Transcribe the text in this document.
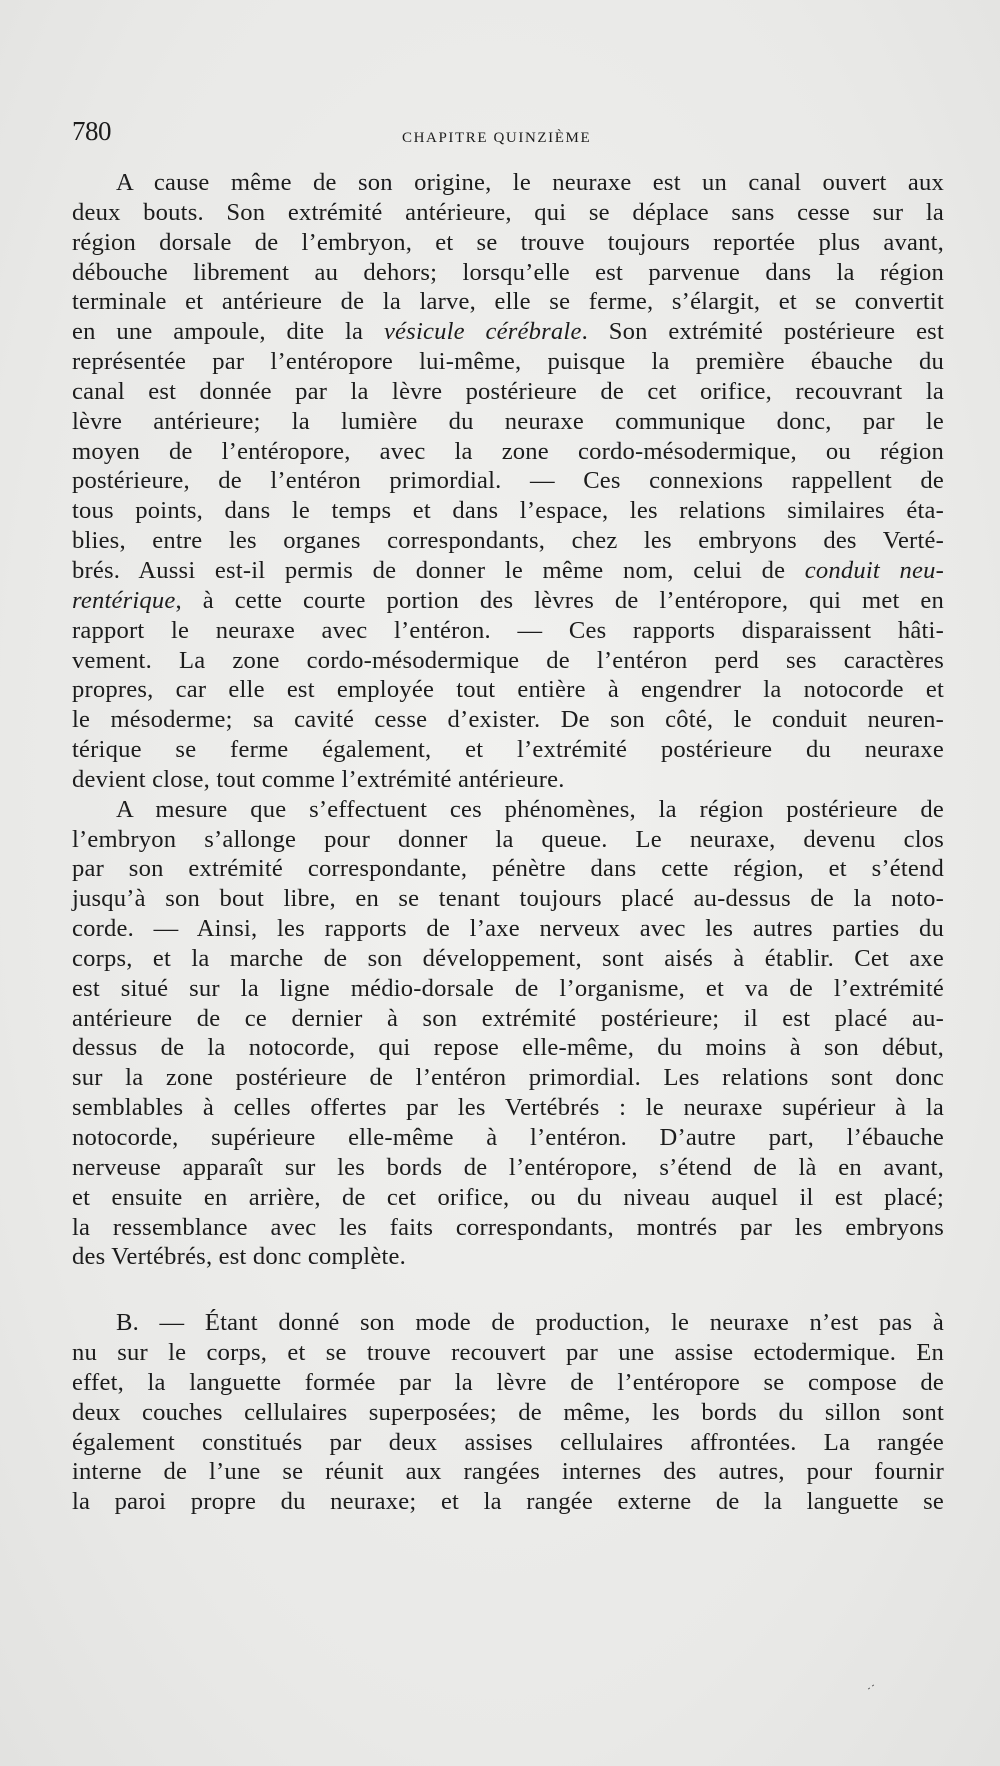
780	CHAPITRE QUINZIÈME
A cause même de son origine, le neuraxe est un canal ouvert aux
deux bouts. Son extrémité antérieure, qui se déplace sans cesse sur la
région dorsale de l’embryon, et se trouve toujours reportée plus avant,
débouche librement au dehors; lorsqu’elle est parvenue dans la région
terminale et antérieure de la larve, elle se ferme, s’élargit, et se convertit
en une ampoule, dite la vésicule cérébrale. Son extrémité postérieure est
représentée par l’entéropore lui-même, puisque la première ébauche du
canal est donnée par la lèvre postérieure de cet orifice, recouvrant la
lèvre antérieure; la lumière du neuraxe communique donc, par le
moyen de l’entéropore, avec la zone cordo-mésodermique, ou région
postérieure, de l’entéron primordial. — Ces connexions rappellent de
tous points, dans le temps et dans l’espace, les relations similaires éta-
blies, entre les organes correspondants, chez les embryons des Verté-
brés. Aussi est-il permis de donner le même nom, celui de conduit neu-
rentérique, à cette courte portion des lèvres de l’entéropore, qui met en
rapport le neuraxe avec l’entéron. — Ces rapports disparaissent hâti-
vement. La zone cordo-mésodermique de l’entéron perd ses caractères
propres, car elle est employée tout entière à engendrer la notocorde et
le mésoderme; sa cavité cesse d’exister. De son côté, le conduit neuren-
térique se ferme également, et l’extrémité postérieure du neuraxe
devient close, tout comme l’extrémité antérieure.
A mesure que s’effectuent ces phénomènes, la région postérieure de
l’embryon s’allonge pour donner la queue. Le neuraxe, devenu clos
par son extrémité correspondante, pénètre dans cette région, et s’étend
jusqu’à son bout libre, en se tenant toujours placé au-dessus de la noto-
corde. — Ainsi, les rapports de l’axe nerveux avec les autres parties du
corps, et la marche de son développement, sont aisés à établir. Cet axe
est situé sur la ligne médio-dorsale de l’organisme, et va de l’extrémité
antérieure de ce dernier à son extrémité postérieure; il est placé au-
dessus de la notocorde, qui repose elle-même, du moins à son début,
sur la zone postérieure de l’entéron primordial. Les relations sont donc
semblables à celles offertes par les Vertébrés : le neuraxe supérieur à la
notocorde, supérieure elle-même à l’entéron. D’autre part, l’ébauche
nerveuse apparaît sur les bords de l’entéropore, s’étend de là en avant,
et ensuite en arrière, de cet orifice, ou du niveau auquel il est placé;
la ressemblance avec les faits correspondants, montrés par les embryons
des Vertébrés, est donc complète.
B. — Étant donné son mode de production, le neuraxe n’est pas à
nu sur le corps, et se trouve recouvert par une assise ectodermique. En
effet, la languette formée par la lèvre de l’entéropore se compose de
deux couches cellulaires superposées; de même, les bords du sillon sont
également constitués par deux assises cellulaires affrontées. La rangée
interne de l’une se réunit aux rangées internes des autres, pour fournir
la paroi propre du neuraxe; et la rangée externe de la languette se
